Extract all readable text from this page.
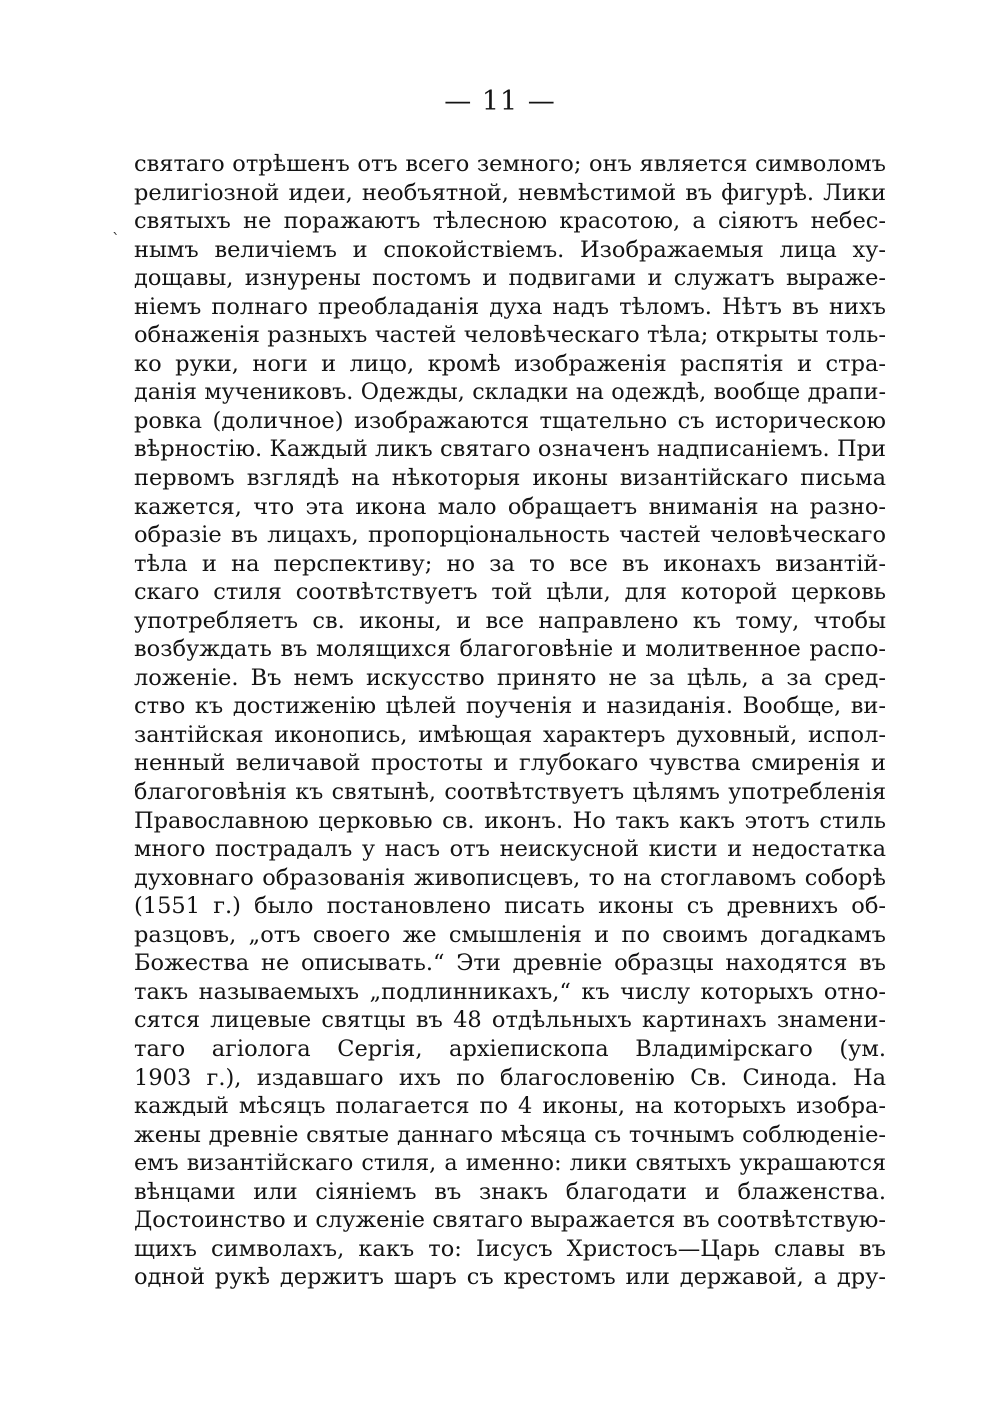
— 11 —
`
святаго отрѣшенъ отъ всего земного; онъ является символомъ
религіозной идеи, необъятной, невмѣстимой въ фигурѣ. Лики
святыхъ не поражаютъ тѣлесною красотою, а сіяютъ небес-
нымъ величіемъ и спокойствіемъ. Изображаемыя лица ху-
дощавы, изнурены постомъ и подвигами и служатъ выраже-
ніемъ полнаго преобладанія духа надъ тѣломъ. Нѣтъ въ нихъ
обнаженія разныхъ частей человѣческаго тѣла; открыты толь-
ко руки, ноги и лицо, кромѣ изображенія распятія и стра-
данія мучениковъ. Одежды, складки на одеждѣ, вообще драпи-
ровка (доличное) изображаются тщательно съ историческою
вѣрностію. Каждый ликъ святаго означенъ надписаніемъ. При
первомъ взглядѣ на нѣкоторыя иконы византійскаго письма
кажется, что эта икона мало обращаетъ вниманія на разно-
образіе въ лицахъ, пропорціональность частей человѣческаго
тѣла и на перспективу; но за то все въ иконахъ византій-
скаго стиля соотвѣтствуетъ той цѣли, для которой церковь
употребляетъ св. иконы, и все направлено къ тому, чтобы
возбуждать въ молящихся благоговѣніе и молитвенное распо-
ложеніе. Въ немъ искусство принято не за цѣль, а за сред-
ство къ достиженію цѣлей поученія и назиданія. Вообще, ви-
зантійская иконопись, имѣющая характеръ духовный, испол-
ненный величавой простоты и глубокаго чувства смиренія и
благоговѣнія къ святынѣ, соотвѣтствуетъ цѣлямъ употребленія
Православною церковью св. иконъ. Но такъ какъ этотъ стиль
много пострадалъ у насъ отъ неискусной кисти и недостатка
духовнаго образованія живописцевъ, то на стоглавомъ соборѣ
(1551 г.) было постановлено писать иконы съ древнихъ об-
разцовъ, „отъ своего же смышленія и по своимъ догадкамъ
Божества не описывать.“ Эти древніе образцы находятся въ
такъ называемыхъ „подлинникахъ,“ къ числу которыхъ отно-
сятся лицевые святцы въ 48 отдѣльныхъ картинахъ знамени-
таго агіолога Сергія, архіепископа Владимірскаго (ум.
1903 г.), издавшаго ихъ по благословенію Св. Синода. На
каждый мѣсяцъ полагается по 4 иконы, на которыхъ изобра-
жены древніе святые даннаго мѣсяца съ точнымъ соблюденіе-
емъ византійскаго стиля, а именно: лики святыхъ украшаются
вѣнцами или сіяніемъ въ знакъ благодати и блаженства.
Достоинство и служеніе святаго выражается въ соотвѣтствую-
щихъ символахъ, какъ то: Іисусъ Христосъ—Царь славы въ
одной рукѣ держитъ шаръ съ крестомъ или державой, а дру-
